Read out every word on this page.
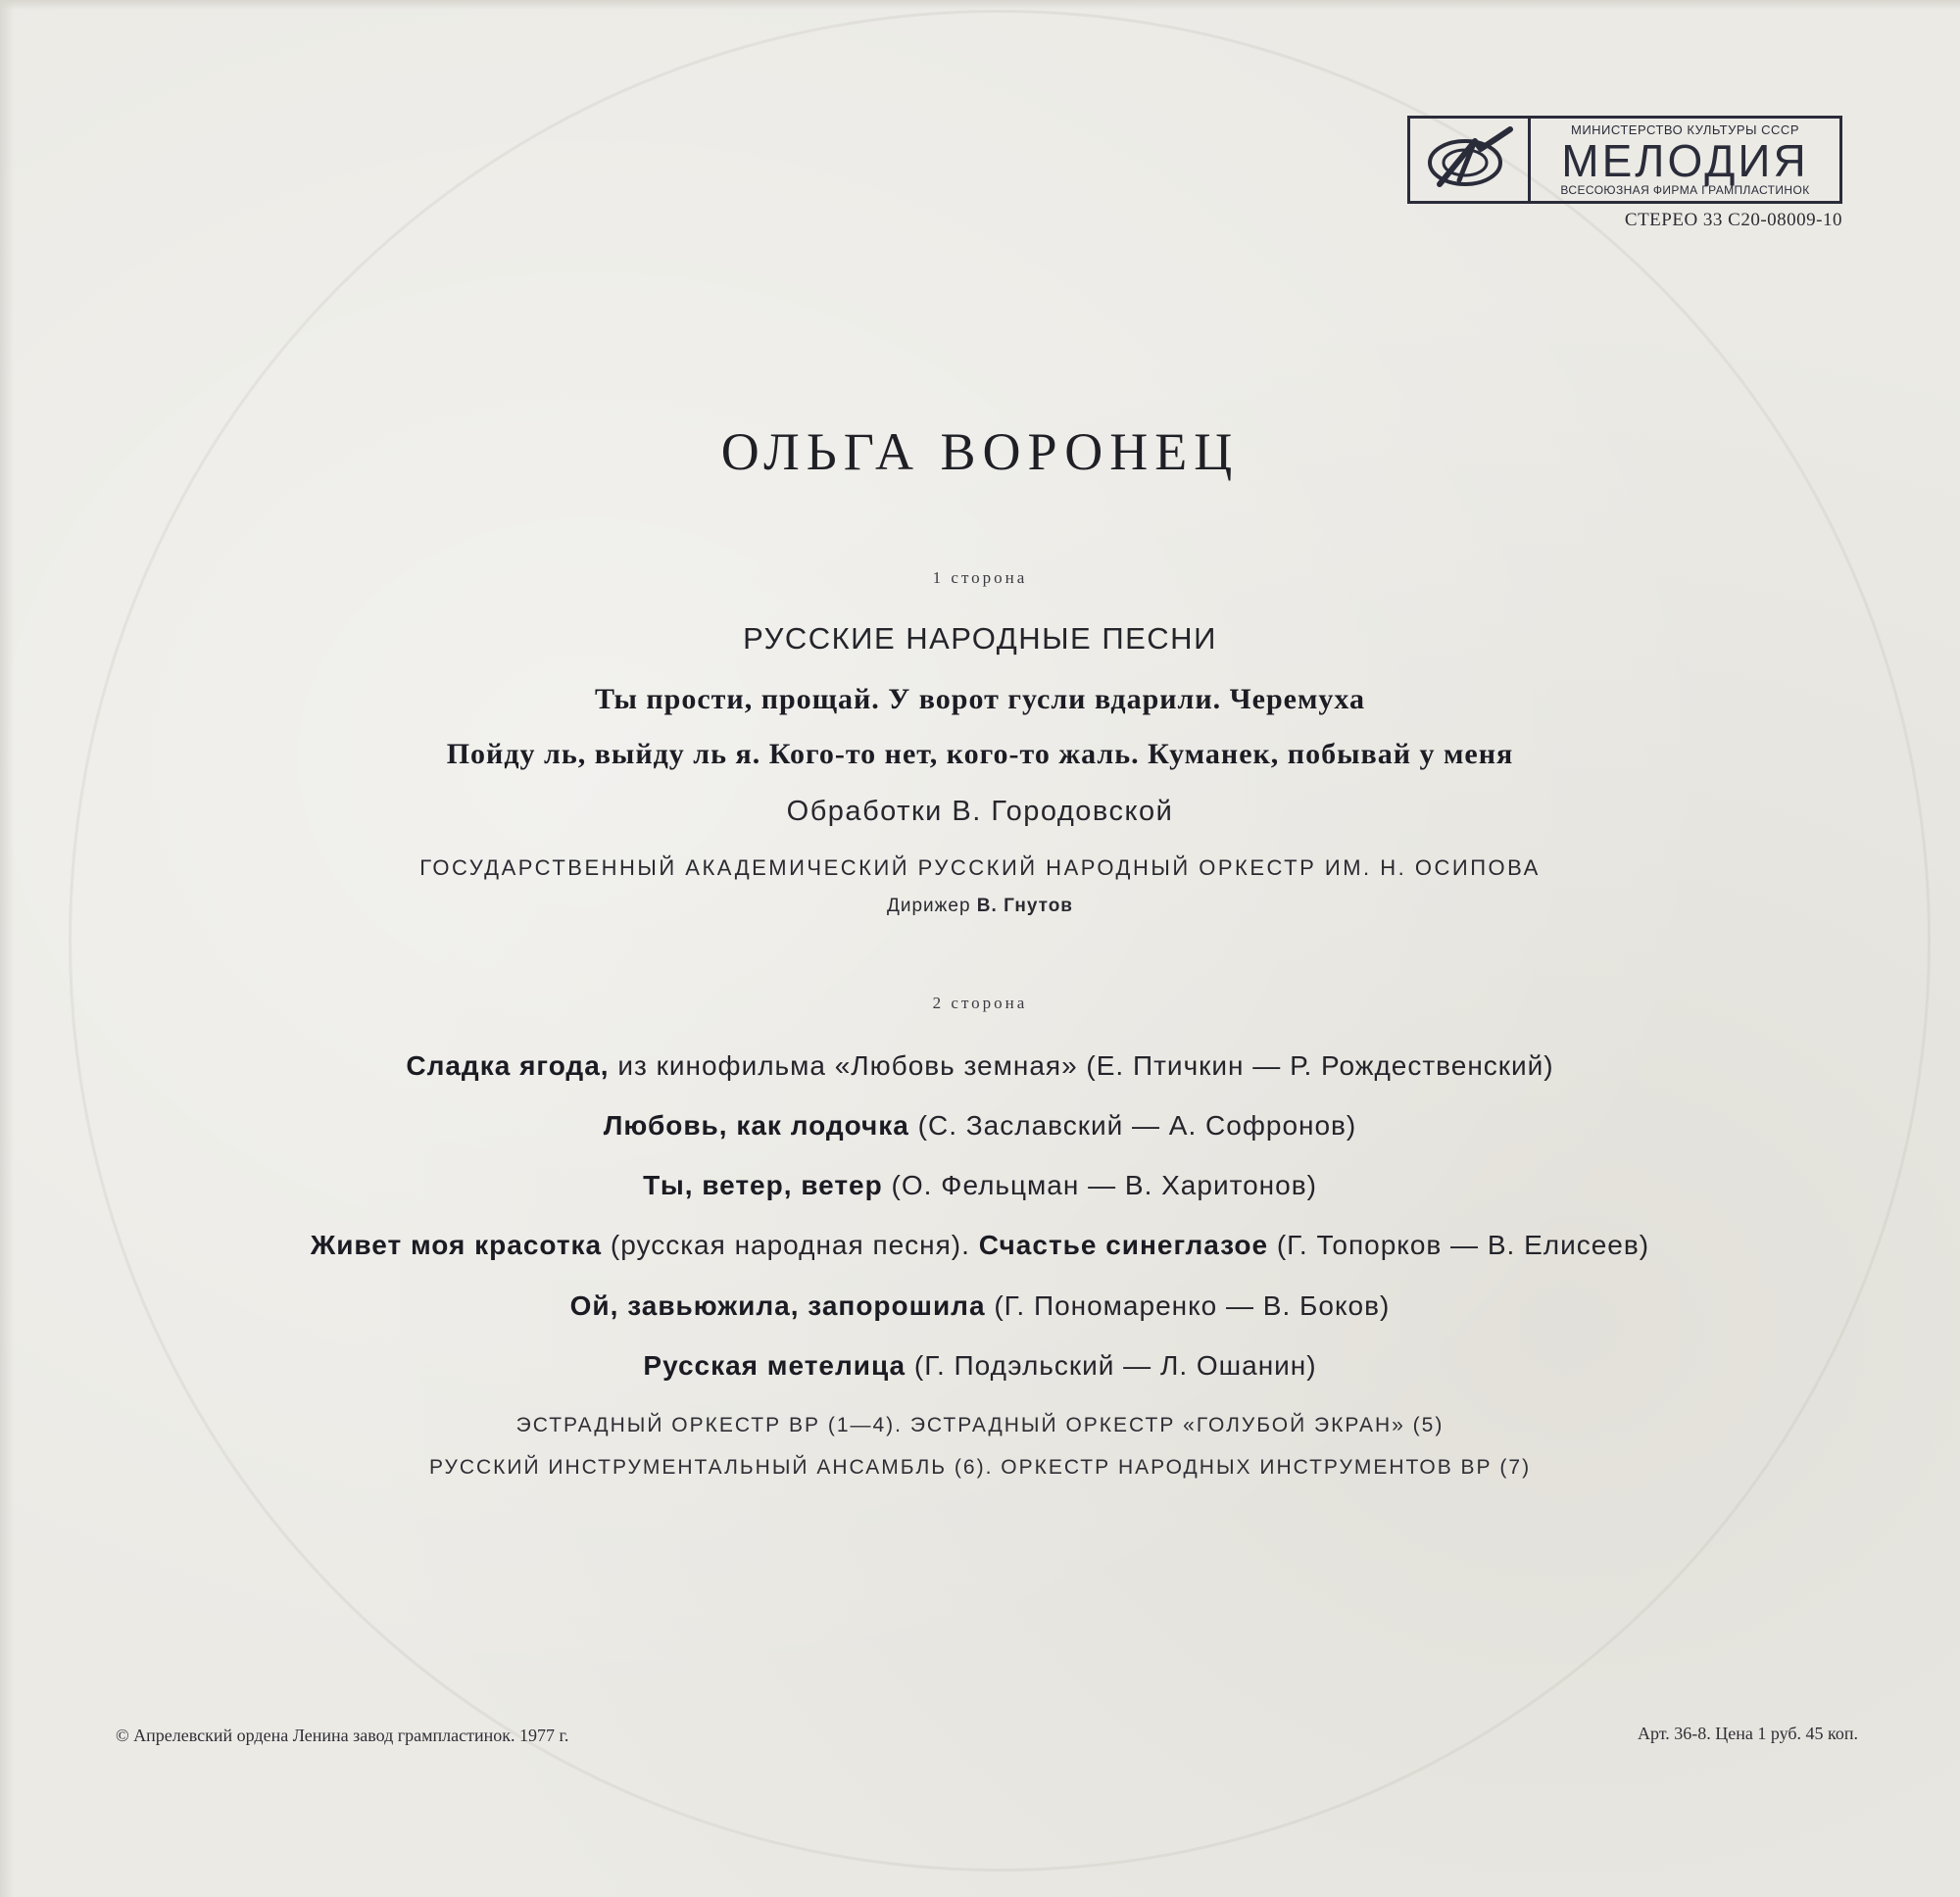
МИНИСТЕРСТВО КУЛЬТУРЫ СССР
МЕЛОДИЯ
ВСЕСОЮЗНАЯ ФИРМА ГРАМПЛАСТИНОК
СТЕРЕО 33 С20-08009-10
ОЛЬГА ВОРОНЕЦ
1 сторона
РУССКИЕ НАРОДНЫЕ ПЕСНИ
Ты прости, прощай. У ворот гусли вдарили. Черемуха
Пойду ль, выйду ль я. Кого-то нет, кого-то жаль. Куманек, побывай у меня
Обработки В. Городовской
ГОСУДАРСТВЕННЫЙ АКАДЕМИЧЕСКИЙ РУССКИЙ НАРОДНЫЙ ОРКЕСТР ИМ. Н. ОСИПОВА
Дирижер В. Гнутов
2 сторона
Сладка ягода, из кинофильма «Любовь земная» (Е. Птичкин — Р. Рождественский)
Любовь, как лодочка (С. Заславский — А. Софронов)
Ты, ветер, ветер (О. Фельцман — В. Харитонов)
Живет моя красотка (русская народная песня). Счастье синеглазое (Г. Топорков — В. Елисеев)
Ой, завьюжила, запорошила (Г. Пономаренко — В. Боков)
Русская метелица (Г. Подэльский — Л. Ошанин)
ЭСТРАДНЫЙ ОРКЕСТР ВР (1—4). ЭСТРАДНЫЙ ОРКЕСТР «ГОЛУБОЙ ЭКРАН» (5)
РУССКИЙ ИНСТРУМЕНТАЛЬНЫЙ АНСАМБЛЬ (6). ОРКЕСТР НАРОДНЫХ ИНСТРУМЕНТОВ ВР (7)
© Апрелевский ордена Ленина завод грампластинок. 1977 г.	Арт. 36-8. Цена 1 руб. 45 коп.
